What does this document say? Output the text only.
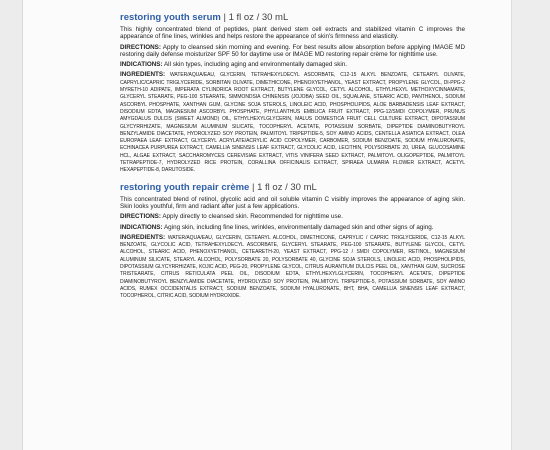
restoring youth serum | 1 fl oz / 30 mL

This highly concentrated blend of peptides, plant derived stem cell extracts and stabilized vitamin C improves the appearance of fine lines, wrinkles and helps restore the appearance of skin's firmness and elasticity.

DIRECTIONS: Apply to cleansed skin morning and evening. For best results allow absorption before applying IMAGE MD restoring daily defense moisturizer SPF 50 for daytime use or IMAGE MD restoring repair crème for nighttime use.

INDICATIONS: All skin types, including aging and environmentally damaged skin.

INGREDIENTS: WATER/AQUA/EAU, GLYCERIN, TETRAHEXYLDECYL ASCORBATE, C12-15 ALKYL BENZOATE, CETEARYL OLIVATE, CAPRYLIC/CAPRIC TRIGLYCERIDE, SORBITAN OLIVATE, DIMETHICONE, PHENOXYETHANOL, YEAST EXTRACT, PROPYLENE GLYCOL, DI-PPG-2 MYRETH-10 ADIPATE, IMPERATA CYLINDRICA ROOT EXTRACT, BUTYLENE GLYCOL, CETYL ALCOHOL, ETHYLHEXYL METHOXYCINNAMATE, GLYCERYL STEARATE, PEG-100 STEARATE, SIMMONDSIA CHINENSIS (JOJOBA) SEED OIL, SQUALANE, STEARIC ACID, PANTHENOL, SODIUM ASCORBYL PHOSPHATE, XANTHAN GUM, GLYCINE SOJA STEROLS, LINOLEIC ACID, PHOSPHOLIPIDS, ALOE BARBADENSIS LEAF EXTRACT, DISODIUM EDTA, MAGNESIUM ASCORBYL PHOSPHATE, PHYLLANTHUS EMBLICA FRUIT EXTRACT, PPG-12/SMDI COPOLYMER, PRUNUS AMYGDALUS DULCIS (SWEET ALMOND) OIL, ETHYLHEXYLGLYCERIN, MALUS DOMESTICA FRUIT CELL CULTURE EXTRACT, DIPOTASSIUM GLYCYRRHIZATE, MAGNESIUM ALUMINUM SILICATE, TOCOPHERYL ACETATE, POTASSIUM SORBATE, DIPEPTIDE DIAMINOBUTYROYL BENZYLAMIDE DIACETATE, HYDROLYZED SOY PROTEIN, PALMITOYL TRIPEPTIDE-5, SOY AMINO ACIDS, CENTELLA ASIATICA EXTRACT, OLEA EUROPAEA LEAF EXTRACT, GLYCERYL ACRYLATE/ACRYLIC ACID COPOLYMER, CARBOMER, SODIUM BENZOATE, SODIUM HYALURONATE, ECHINACEA PURPUREA EXTRACT, CAMELLIA SINENSIS LEAF EXTRACT, GLYCOLIC ACID, LECITHIN, POLYSORBATE 20, UREA, GLUCOSAMINE HCL, ALGAE EXTRACT, SACCHAROMYCES CEREVISIAE EXTRACT, VITIS VINIFERA SEED EXTRACT, PALMITOYL OLIGOPEPTIDE, PALMITOYL TETRAPEPTIDE-7, HYDROLYZED RICE PROTEIN, CORALLINA OFFICINALIS EXTRACT, SPIRAEA ULMARIA FLOWER EXTRACT, ACETYL HEXAPEPTIDE-8, DARUTOSIDE.

restoring youth repair crème | 1 fl oz / 30 mL

This concentrated blend of retinol, glycolic acid and oil soluble vitamin C visibly improves the appearance of aging skin. Skin looks youthful, firm and radiant after just a few applications.

DIRECTIONS: Apply directly to cleansed skin. Recommended for nighttime use.

INDICATIONS: Aging skin, including fine lines, wrinkles, environmentally damaged skin and other signs of aging.

INGREDIENTS: WATER/AQUA/EAU, GLYCERIN, CETEARYL ALCOHOL, DIMETHICONE, CAPRYLIC / CAPRIC TRIGLYCERIDE, C12-15 ALKYL BENZOATE, GLYCOLIC ACID, TETRAHEXYLDECYL ASCORBATE, GLYCERYL STEARATE, PEG-100 STEARATE, BUTYLENE GLYCOL, CETYL ALCOHOL, STEARIC ACID, PHENOXYETHANOL, CETEARETH-20, YEAST EXTRACT, PPG-12 / SMDI COPOLYMER, RETINOL, MAGNESIUM ALUMINUM SILICATE, STEARYL ALCOHOL, POLYSORBATE 20, POLYSORBATE 40, GLYCINE SOJA STEROLS, LINOLEIC ACID, PHOSPHOLIPIDS, DIPOTASSIUM GLYCYRRHIZATE, KOJIC ACID, PEG-20, PROPYLENE GLYCOL, CITRUS AURANTIUM DULCIS PEEL OIL, XANTHAN GUM, SUCROSE TRISTEARATE, CITRUS RETICULATA PEEL OIL, DISODIUM EDTA, ETHYLHEXYLGLYCERIN, TOCOPHERYL ACETATE, DIPEPTIDE DIAMINOBUTYROYL BENZYLAMIDE DIACETATE, HYDROLYZED SOY PROTEIN, PALMITOYL TRIPEPTIDE-5, POTASSIUM SORBATE, SOY AMINO ACIDS, RUMEX OCCIDENTALIS EXTRACT, SODIUM BENZOATE, SODIUM HYALURONATE, BHT, BHA, CAMELLIA SINENSIS LEAF EXTRACT, TOCOPHEROL, CITRIC ACID, SODIUM HYDROXIDE.
